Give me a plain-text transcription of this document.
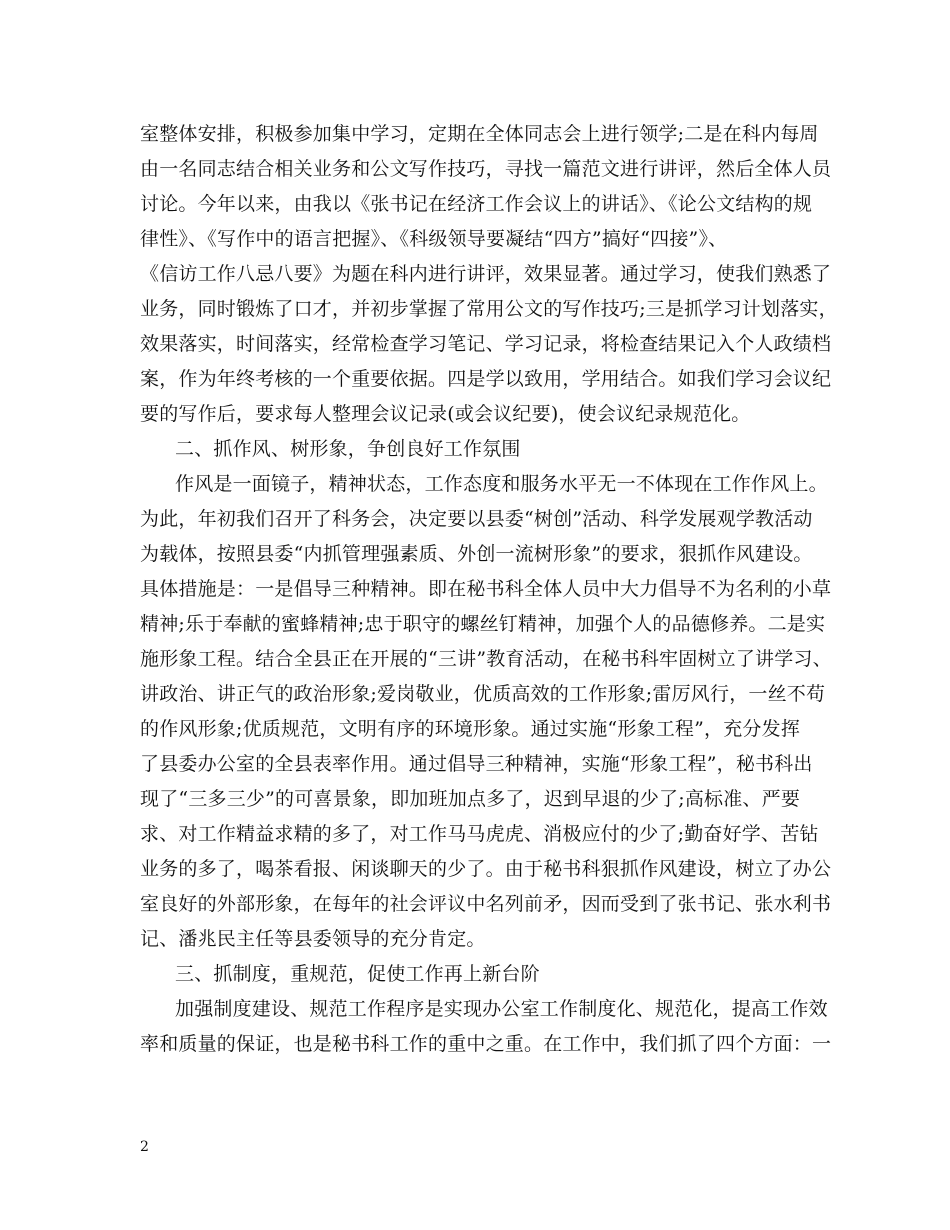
室整体安排，积极参加集中学习，定期在全体同志会上进行领学;二是在科内每周
由一名同志结合相关业务和公文写作技巧，寻找一篇范文进行讲评，然后全体人员
讨论。今年以来，由我以《张书记在经济工作会议上的讲话》、《论公文结构的规
律性》、《写作中的语言把握》、《科级领导要凝结“四方”搞好“四接”》、
《信访工作八忌八要》为题在科内进行讲评，效果显著。通过学习，使我们熟悉了
业务，同时锻炼了口才，并初步掌握了常用公文的写作技巧;三是抓学习计划落实，
效果落实，时间落实，经常检查学习笔记、学习记录，将检查结果记入个人政绩档
案，作为年终考核的一个重要依据。四是学以致用，学用结合。如我们学习会议纪
要的写作后，要求每人整理会议记录(或会议纪要)，使会议纪录规范化。
二、抓作风、树形象，争创良好工作氛围
作风是一面镜子，精神状态，工作态度和服务水平无一不体现在工作作风上。
为此，年初我们召开了科务会，决定要以县委“树创”活动、科学发展观学教活动
为载体，按照县委“内抓管理强素质、外创一流树形象”的要求，狠抓作风建设。
具体措施是：一是倡导三种精神。即在秘书科全体人员中大力倡导不为名利的小草
精神;乐于奉献的蜜蜂精神;忠于职守的螺丝钉精神，加强个人的品德修养。二是实
施形象工程。结合全县正在开展的“三讲”教育活动，在秘书科牢固树立了讲学习、
讲政治、讲正气的政治形象;爱岗敬业，优质高效的工作形象;雷厉风行，一丝不苟
的作风形象;优质规范，文明有序的环境形象。通过实施“形象工程”，充分发挥
了县委办公室的全县表率作用。通过倡导三种精神，实施“形象工程”，秘书科出
现了“三多三少”的可喜景象，即加班加点多了，迟到早退的少了;高标准、严要
求、对工作精益求精的多了，对工作马马虎虎、消极应付的少了;勤奋好学、苦钻
业务的多了，喝茶看报、闲谈聊天的少了。由于秘书科狠抓作风建设，树立了办公
室良好的外部形象，在每年的社会评议中名列前矛，因而受到了张书记、张水利书
记、潘兆民主任等县委领导的充分肯定。
三、抓制度，重规范，促使工作再上新台阶
加强制度建设、规范工作程序是实现办公室工作制度化、规范化，提高工作效
率和质量的保证，也是秘书科工作的重中之重。在工作中，我们抓了四个方面：一
2
